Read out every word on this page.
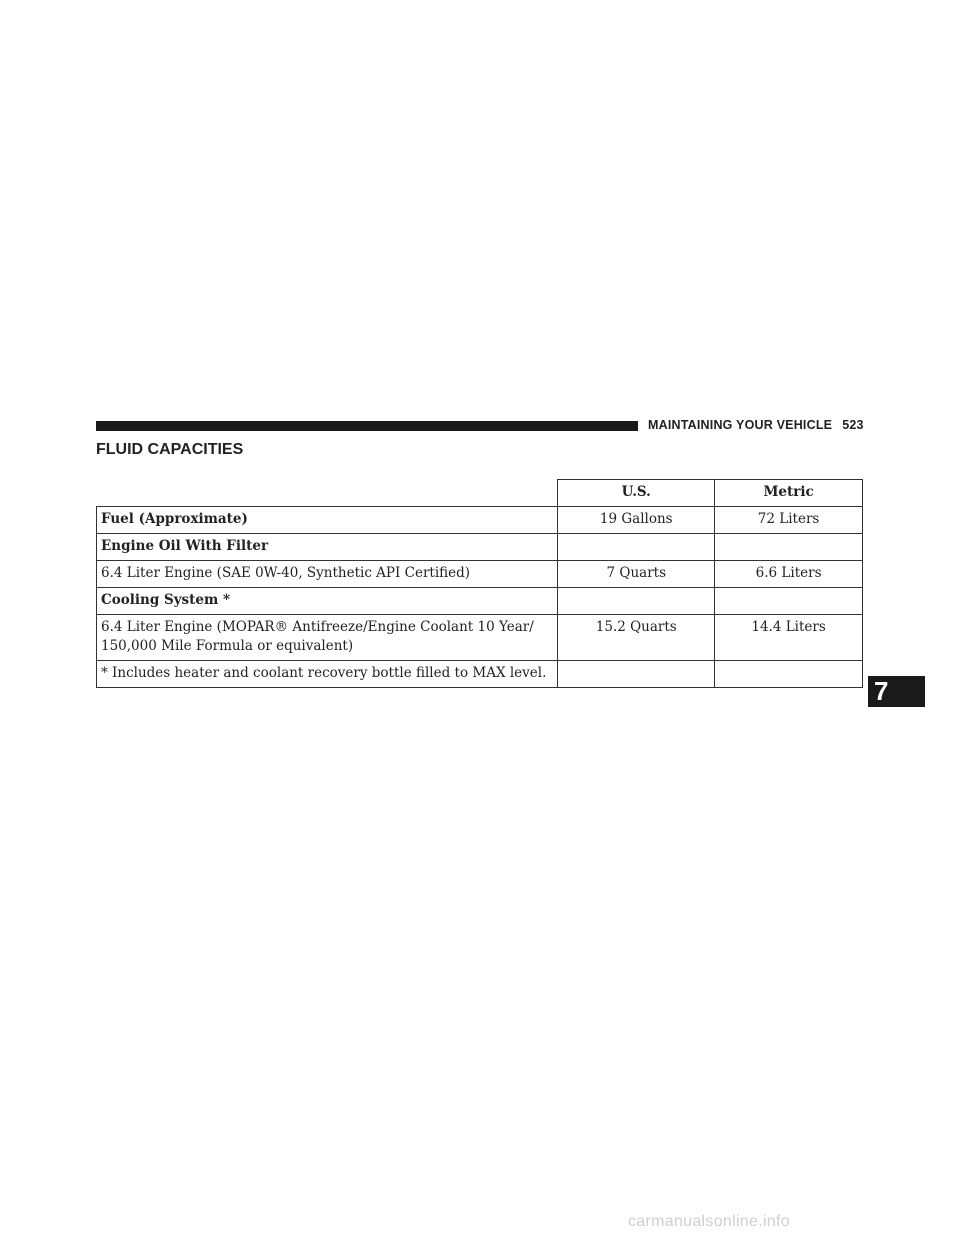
MAINTAINING YOUR VEHICLE 523
FLUID CAPACITIES
	U.S.	Metric
Fuel (Approximate)	19 Gallons	72 Liters
Engine Oil With Filter		
6.4 Liter Engine (SAE 0W-40, Synthetic API Certified)	7 Quarts	6.6 Liters
Cooling System *		
6.4 Liter Engine (MOPAR® Antifreeze/Engine Coolant 10 Year/
150,000 Mile Formula or equivalent)	15.2 Quarts	14.4 Liters
* Includes heater and coolant recovery bottle filled to MAX level.		
7
carmanualsonline.info
